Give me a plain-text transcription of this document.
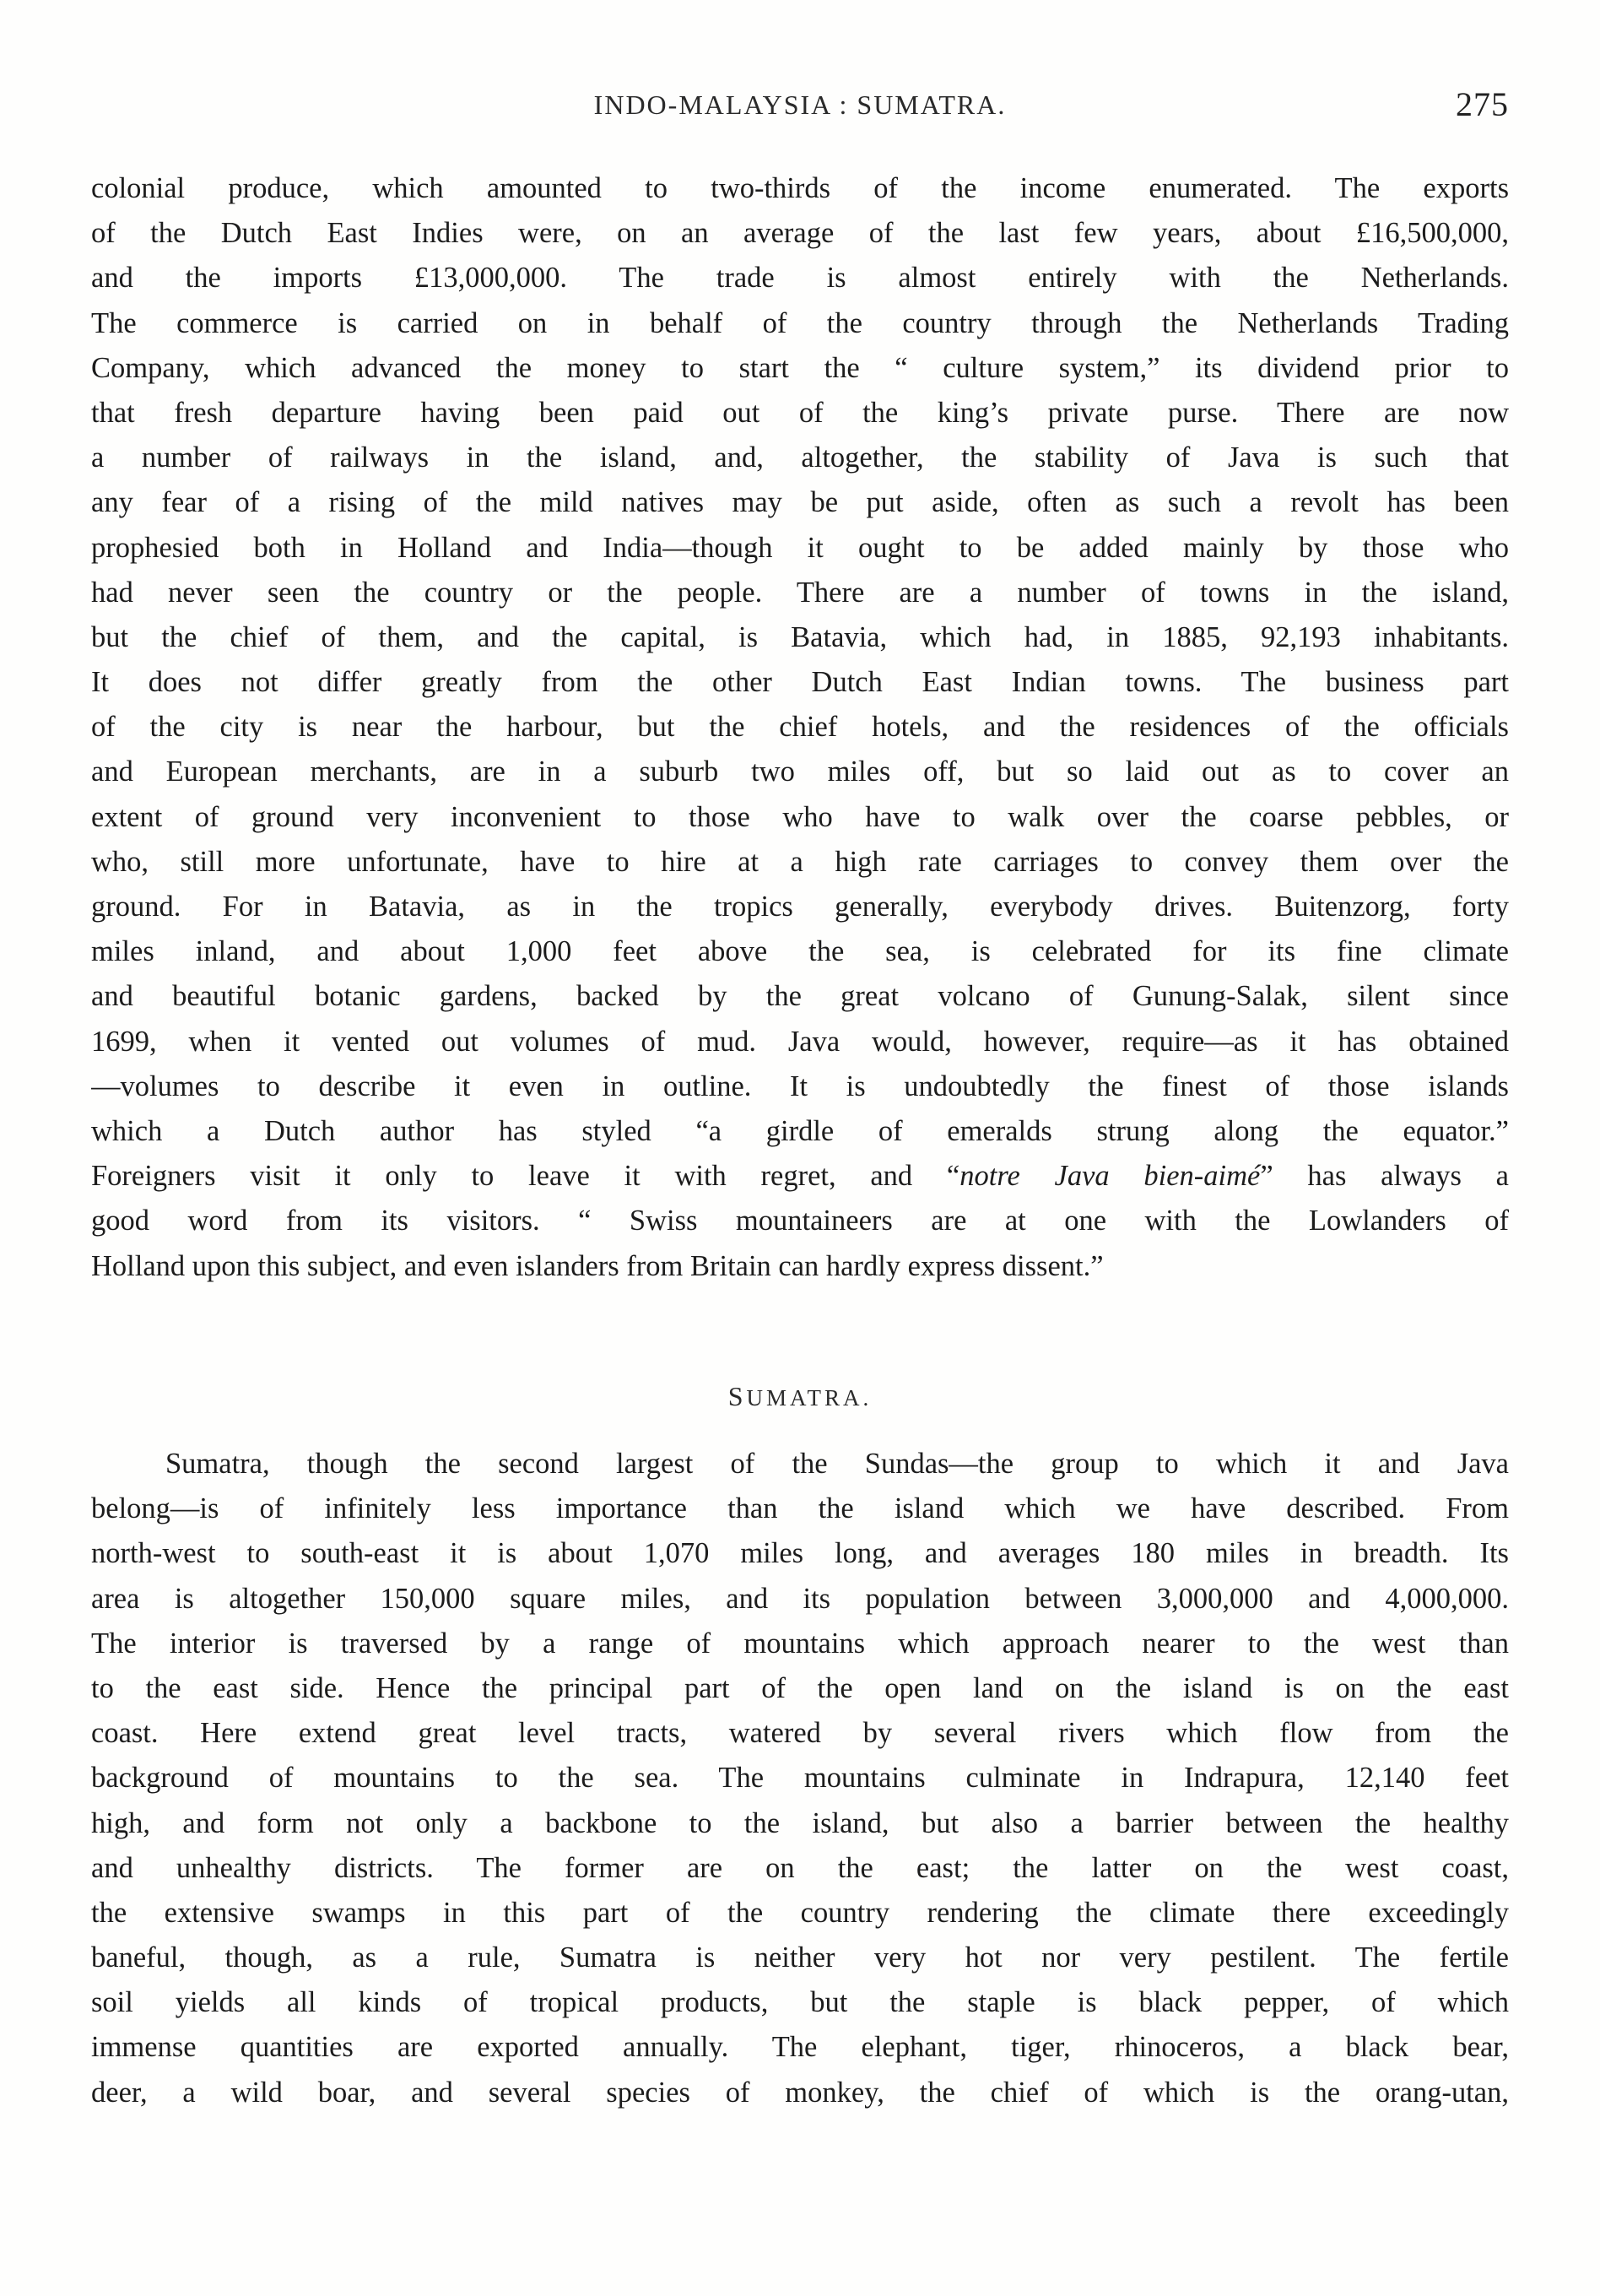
INDO-MALAYSIA : SUMATRA.	275
colonial produce, which amounted to two-thirds of the income enumerated. The exports
of the Dutch East Indies were, on an average of the last few years, about £16,500,000,
and the imports £13,000,000. The trade is almost entirely with the Netherlands.
The commerce is carried on in behalf of the country through the Netherlands Trading
Company, which advanced the money to start the “ culture system,” its dividend prior to
that fresh departure having been paid out of the king’s private purse. There are now
a number of railways in the island, and, altogether, the stability of Java is such that
any fear of a rising of the mild natives may be put aside, often as such a revolt has been
prophesied both in Holland and India—though it ought to be added mainly by those who
had never seen the country or the people. There are a number of towns in the island,
but the chief of them, and the capital, is Batavia, which had, in 1885, 92,193 inhabitants.
It does not differ greatly from the other Dutch East Indian towns. The business part
of the city is near the harbour, but the chief hotels, and the residences of the officials
and European merchants, are in a suburb two miles off, but so laid out as to cover an
extent of ground very inconvenient to those who have to walk over the coarse pebbles, or
who, still more unfortunate, have to hire at a high rate carriages to convey them over the
ground. For in Batavia, as in the tropics generally, everybody drives. Buitenzorg, forty
miles inland, and about 1,000 feet above the sea, is celebrated for its fine climate
and beautiful botanic gardens, backed by the great volcano of Gunung-Salak, silent since
1699, when it vented out volumes of mud. Java would, however, require—as it has obtained
—volumes to describe it even in outline. It is undoubtedly the finest of those islands
which a Dutch author has styled “a girdle of emeralds strung along the equator.”
Foreigners visit it only to leave it with regret, and “notre Java bien-aimé” has always a
good word from its visitors. “ Swiss mountaineers are at one with the Lowlanders of
Holland upon this subject, and even islanders from Britain can hardly express dissent.”
SUMATRA.
Sumatra, though the second largest of the Sundas—the group to which it and Java
belong—is of infinitely less importance than the island which we have described. From
north-west to south-east it is about 1,070 miles long, and averages 180 miles in breadth. Its
area is altogether 150,000 square miles, and its population between 3,000,000 and 4,000,000.
The interior is traversed by a range of mountains which approach nearer to the west than
to the east side. Hence the principal part of the open land on the island is on the east
coast. Here extend great level tracts, watered by several rivers which flow from the
background of mountains to the sea. The mountains culminate in Indrapura, 12,140 feet
high, and form not only a backbone to the island, but also a barrier between the healthy
and unhealthy districts. The former are on the east; the latter on the west coast,
the extensive swamps in this part of the country rendering the climate there exceedingly
baneful, though, as a rule, Sumatra is neither very hot nor very pestilent. The fertile
soil yields all kinds of tropical products, but the staple is black pepper, of which
immense quantities are exported annually. The elephant, tiger, rhinoceros, a black bear,
deer, a wild boar, and several species of monkey, the chief of which is the orang-utan,
